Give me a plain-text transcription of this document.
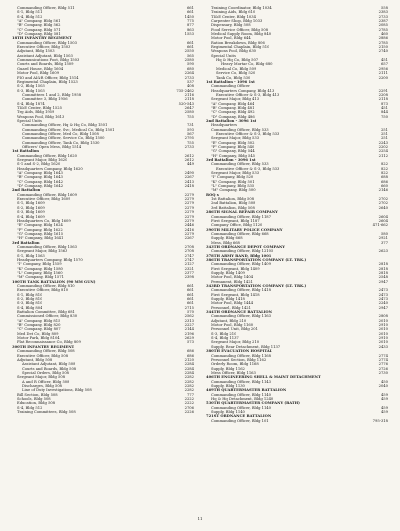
Commanding Officer, Bldg 511	661
S-1, Bldg 511	661
S-4, Bldg 512	1450
"A" Company, Bldg 561	775
"B" Company, Bldg 562	877
"C" Company, Bldg 571	863
"D" Company, Bldg 581	1553
18TH INFANTRY REGIMENT
Commanding Officer, Bldg 1503	661
Executive Officer, Bldg 1503	661
Adjutant, Bldg 1503	2550
Assistant Adjutant, Bldg 1503	565
Communications Foot, Bldg 1503	2580
Courts and Boards, Bldg 1509	590
Guard House, Bldg 1604	680
Motor Pool, Bldg 1609	2264
PIO and AI&R Officer, Bldg 1514	2733
Regimental Chaplain, Bldg 1523	537
S-2, Bldg 1503	408
S-3, Bldg 1503	735-2462
Committees 1 and 2, Bldg 1958	2116
Committee 3, Bldg 1956	2118
S-4, Bldg 1874	520-543
TI&E Center, Bldg 1525	2647
Trg Aids, Bldg 1959	2580
Weapons Pool, Bldg 1613	755
Special Units
Commanding Officer, Hq & Hq Co, Bldg 1501	731
Commanding Officer, Svc, Medical Co, Bldg 1501	593
Commanding Officer, Med Co, Bldg 1508	567
Commanding Officer, Service Co, Bldg 1500	2795
Commanding Officer, Tank Co, Bldg 1530	755
Officers' Open Mess, Bldg 1514	2733
1st Battalion
Commanding Officer, Bldg 1620	2612
Sergeant Major, Bldg 1620	2612
S-1 and S-2, Bldg 1620	449
Headquarters Company, Bldg 1620
"A" Company, Bldg 1643	2490
"B" Company, Bldg 1643	2267
"C" Company, Bldg 1642	2413
"D" Company, Bldg 1642	2418
2nd Battalion
Commanding Officer, Bldg 1609	2279
Executive Officer, Bldg 1609	2279
S-1, Bldg 1609	2279
S-2, Bldg 1609	2279
S-3, Bldg 1609	2279
S-4, Bldg 1609	2279
Headquarters Co, Bldg 1609	2279
"E" Company, Bldg 1624	2446
"F" Company, Bldg 1622	2416
"G" Company, Bldg 1615	2279
"H" Company, Bldg 1641	2267
3rd Battalion
Commanding Officer, Bldg 1563	2708
Sergeant Major, Bldg 1563	2708
S-1, Bldg 1563	2747
Headquarters Company, Bldg 1570	2747
"I" Company, Bldg 1559	2127
"K" Company, Bldg 1580	2321
"L" Company, Bldg 1560	2377
"M" Company, Bldg 1571	2398
100TH TANK BATTALION (90 MM GUN)
Commanding Officer, Bldg 810	661
Executive Officer, Bldg 810	661
S-1, Bldg 810	661
S-2, Bldg 810	661
S-3, Bldg 810	661
S-4, Bldg 804	2715
Battalion Committee, Bldg 681	570
Commissioned Officer, Bldg 830	2562
"A" Company, Bldg 815	2313
"B" Company, Bldg 820	2227
"C" Company, Bldg 807	2144
Med Det Co, Bldg 809	2196
Motor Park, Bldg 8104	2629
Plat Reconnaissance Co, Bldg 809	573
300TH INFANTRY REGIMENT
Commanding Officer, Bldg 508	686
Executive Officer, Bldg 508	686
Adjutant, Bldg 508	2120
Assistant Adjutant, Bldg 508	2284
Courts and Boards, Bldg 508	2284
Special Orders, Bldg 508	2284
Sergeant Major, Bldg 508	2282
A and R Officer, Bldg 508	2282
Discharges, Bldg 508	2282
Line of Duty Investigations, Bldg 508	2282
Bill Section, Bldg 508	777
Schools, Bldg 508	2222
Education, Bldg 508	2222
S-4, Bldg 512	2706
Training Committees, Bldg 508	2226
Training Coordinator, Bldg 1034	558
Training Aids, Bldg 610	2383
TI&E Center, Bldg 1034	2733
Carpenter Shop, Bldg 1033	2387
Dispensary, Bldg 508	2085
Food Service Officer, Bldg 508	2785
Medical Supply Room, Bldg 840	460
Motor Pool, Bldg 644	2886
Ration Breakdown, Bldg 806	2785
Regimental Chaplain, Bldg 510	2150
Weapons Pool, Bldg 630	2740
Special Units
Hq & Hq Co, Bldg 507	451
Heavy Mortar Co, Bldg 680	657
Medical Co, Bldg 509	2956
Service Co, Bldg 520	2111
Tank Co, Bldg 530	2200
1st Battalion - 1096 1st
Commanding Officer
Headquarters Company, Bldg 413	2291
Executive Officer & S-3, Bldg 413	2208
Sergeant Major, Bldg 413	2118
"A" Company, Bldg 464	873
"B" Company, Bldg 481	451
"C" Company, Bldg 492	844
"D" Company, Bldg 486	750
2nd Battalion - 3096 1st
Headquarters
Commanding Officer, Bldg 533	251
Executive Officer & S-3, Bldg 533	251
Sergeant Major, Bldg 533	251
"E" Company, Bldg 502	2243
"F" Company, Bldg 540	2202
"G" Company, Bldg 544	2254
"H" Company, Bldg 545	2112
3rd Battalion - 3096 1st
Commanding Officer, Bldg 533	822
Executive Officer & S-3, Bldg 533	822
Sergeant Major, Bldg 533	822
"I" Company, Bldg 520	688
"K" Company, Bldg 501	686
"L" Company, Bldg 535	660
"M" Company, Bldg 500	2146
ROQ s
1st Battalion, Bldg 508	2702
2nd Battalion, Bldg 508	2702
3rd Battalion, Bldg 508	2640
286TH SIGNAL REPAIR COMPANY
Commanding Officer, Bldg 1187	2604
First Sergeant, Bldg 1187	2604
Company Office, Bldg 1120	471-662
390TH MILITARY POLICE COMPANY
Commanding Officer, Bldg 668	580
Supply, Bldg 668	2921
Mess, Bldg 668	377
343TH ORDNANCE DEPOT COMPANY
Commanding Officer, Bldg 12105	2623
378TH ARMY BAND, Bldg 1001
386TH TRANSPORTATION COMPANY (LT. TRK.)
Commanding Officer, Bldg 1409	2818
First Sergeant, Bldg 1409	2818
Supply, Bldg 1409	2818
Motor Pool, Bldg 1404	2548
Permanent, Bldg 1421	2947
343RD TRANSPORTATION COMPANY (LT. TRK.)
Commanding Officer, Bldg 1418	2473
First Sergeant, Bldg 1418	2473
Supply, Bldg 1418	2473
Motor Pool, Bldg 1444	2240
Personnel, Bldg 1421	2947
344TH ORDNANCE BATTALION
Commanding Officer, Bldg 1163	2808
Adjutant, Bldg 210	2010
Motor Pool, Bldg 1160	2910
Personnel Unit, Bldg 201	2010
S-3, Bldg 210	2010
S-4, Bldg 1137	2910
Sergeant Major, Bldg 210	2010
Supply, Rear Detachment, Bldg 1137	2433
380TH EVACUATION HOSPITAL
Commanding Officer, Bldg 1168	2774
Personnel Section, Bldg 1162	2774
Orderly Room, Bldg 1168	2776
Supply, Bldg 1162	2726
Mess Officer, Bldg 1163	2730
406TH ENGINEERING SHELL & MAINT DETACHMENT
Commanding Officer, Bldg 1143	450
Supply, Bldg 1130	2040
469TH QUARTERMASTER BATTALION
Commanding Officer, Bldg 1140	459
Hq & Hq Detachment, Bldg 1240	459
530TH QUARTERMASTER COMPANY (BATH)
Commanding Officer, Bldg 1140	459
Supply, Bldg 1140	459
721ST ORDNANCE BATTALION
Commanding Officer, Bldg 101	795-318
11
